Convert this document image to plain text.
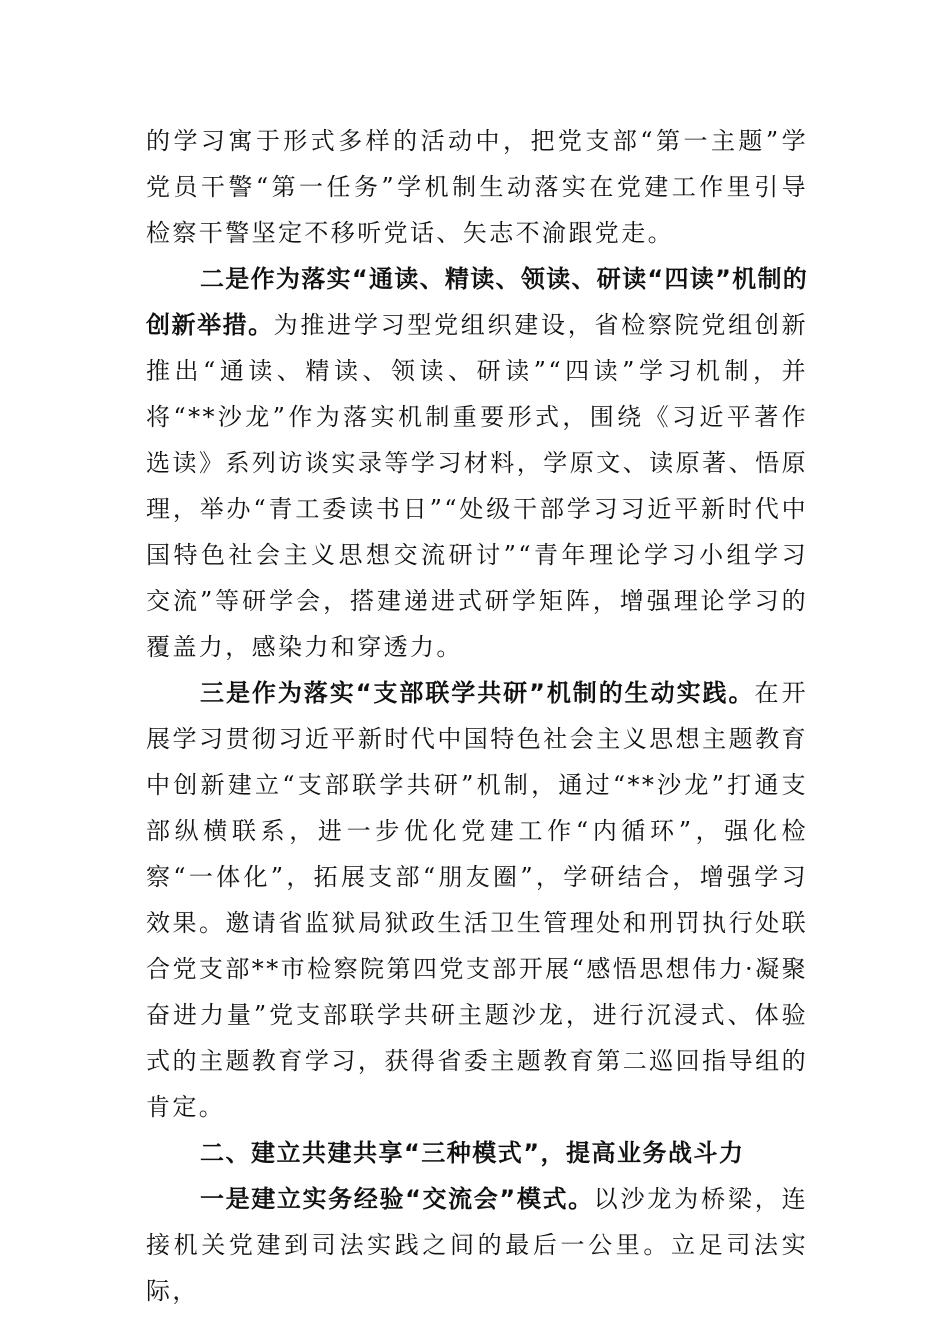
的学习寓于形式多样的活动中，把党支部“第一主题”学党员干警“第一任务”学机制生动落实在党建工作里引导检察干警坚定不移听党话、矢志不渝跟党走。

二是作为落实“通读、精读、领读、研读“四读”机制的创新举措。为推进学习型党组织建设，省检察院党组创新推出“通读、精读、领读、研读”“四读”学习机制，并将“**沙龙”作为落实机制重要形式，围绕《习近平著作选读》系列访谈实录等学习材料，学原文、读原著、悟原理，举办“青工委读书日”“处级干部学习习近平新时代中国特色社会主义思想交流研讨”“青年理论学习小组学习交流”等研学会，搭建递进式研学矩阵，增强理论学习的覆盖力，感染力和穿透力。

三是作为落实“支部联学共研”机制的生动实践。在开展学习贯彻习近平新时代中国特色社会主义思想主题教育中创新建立“支部联学共研”机制，通过“**沙龙”打通支部纵横联系，进一步优化党建工作“内循环”，强化检察“一体化”，拓展支部“朋友圈”，学研结合，增强学习效果。邀请省监狱局狱政生活卫生管理处和刑罚执行处联合党支部**市检察院第四党支部开展“感悟思想伟力·凝聚奋进力量”党支部联学共研主题沙龙，进行沉浸式、体验式的主题教育学习，获得省委主题教育第二巡回指导组的肯定。

二、建立共建共享“三种模式”，提高业务战斗力

一是建立实务经验“交流会”模式。以沙龙为桥梁，连接机关党建到司法实践之间的最后一公里。立足司法实际，
